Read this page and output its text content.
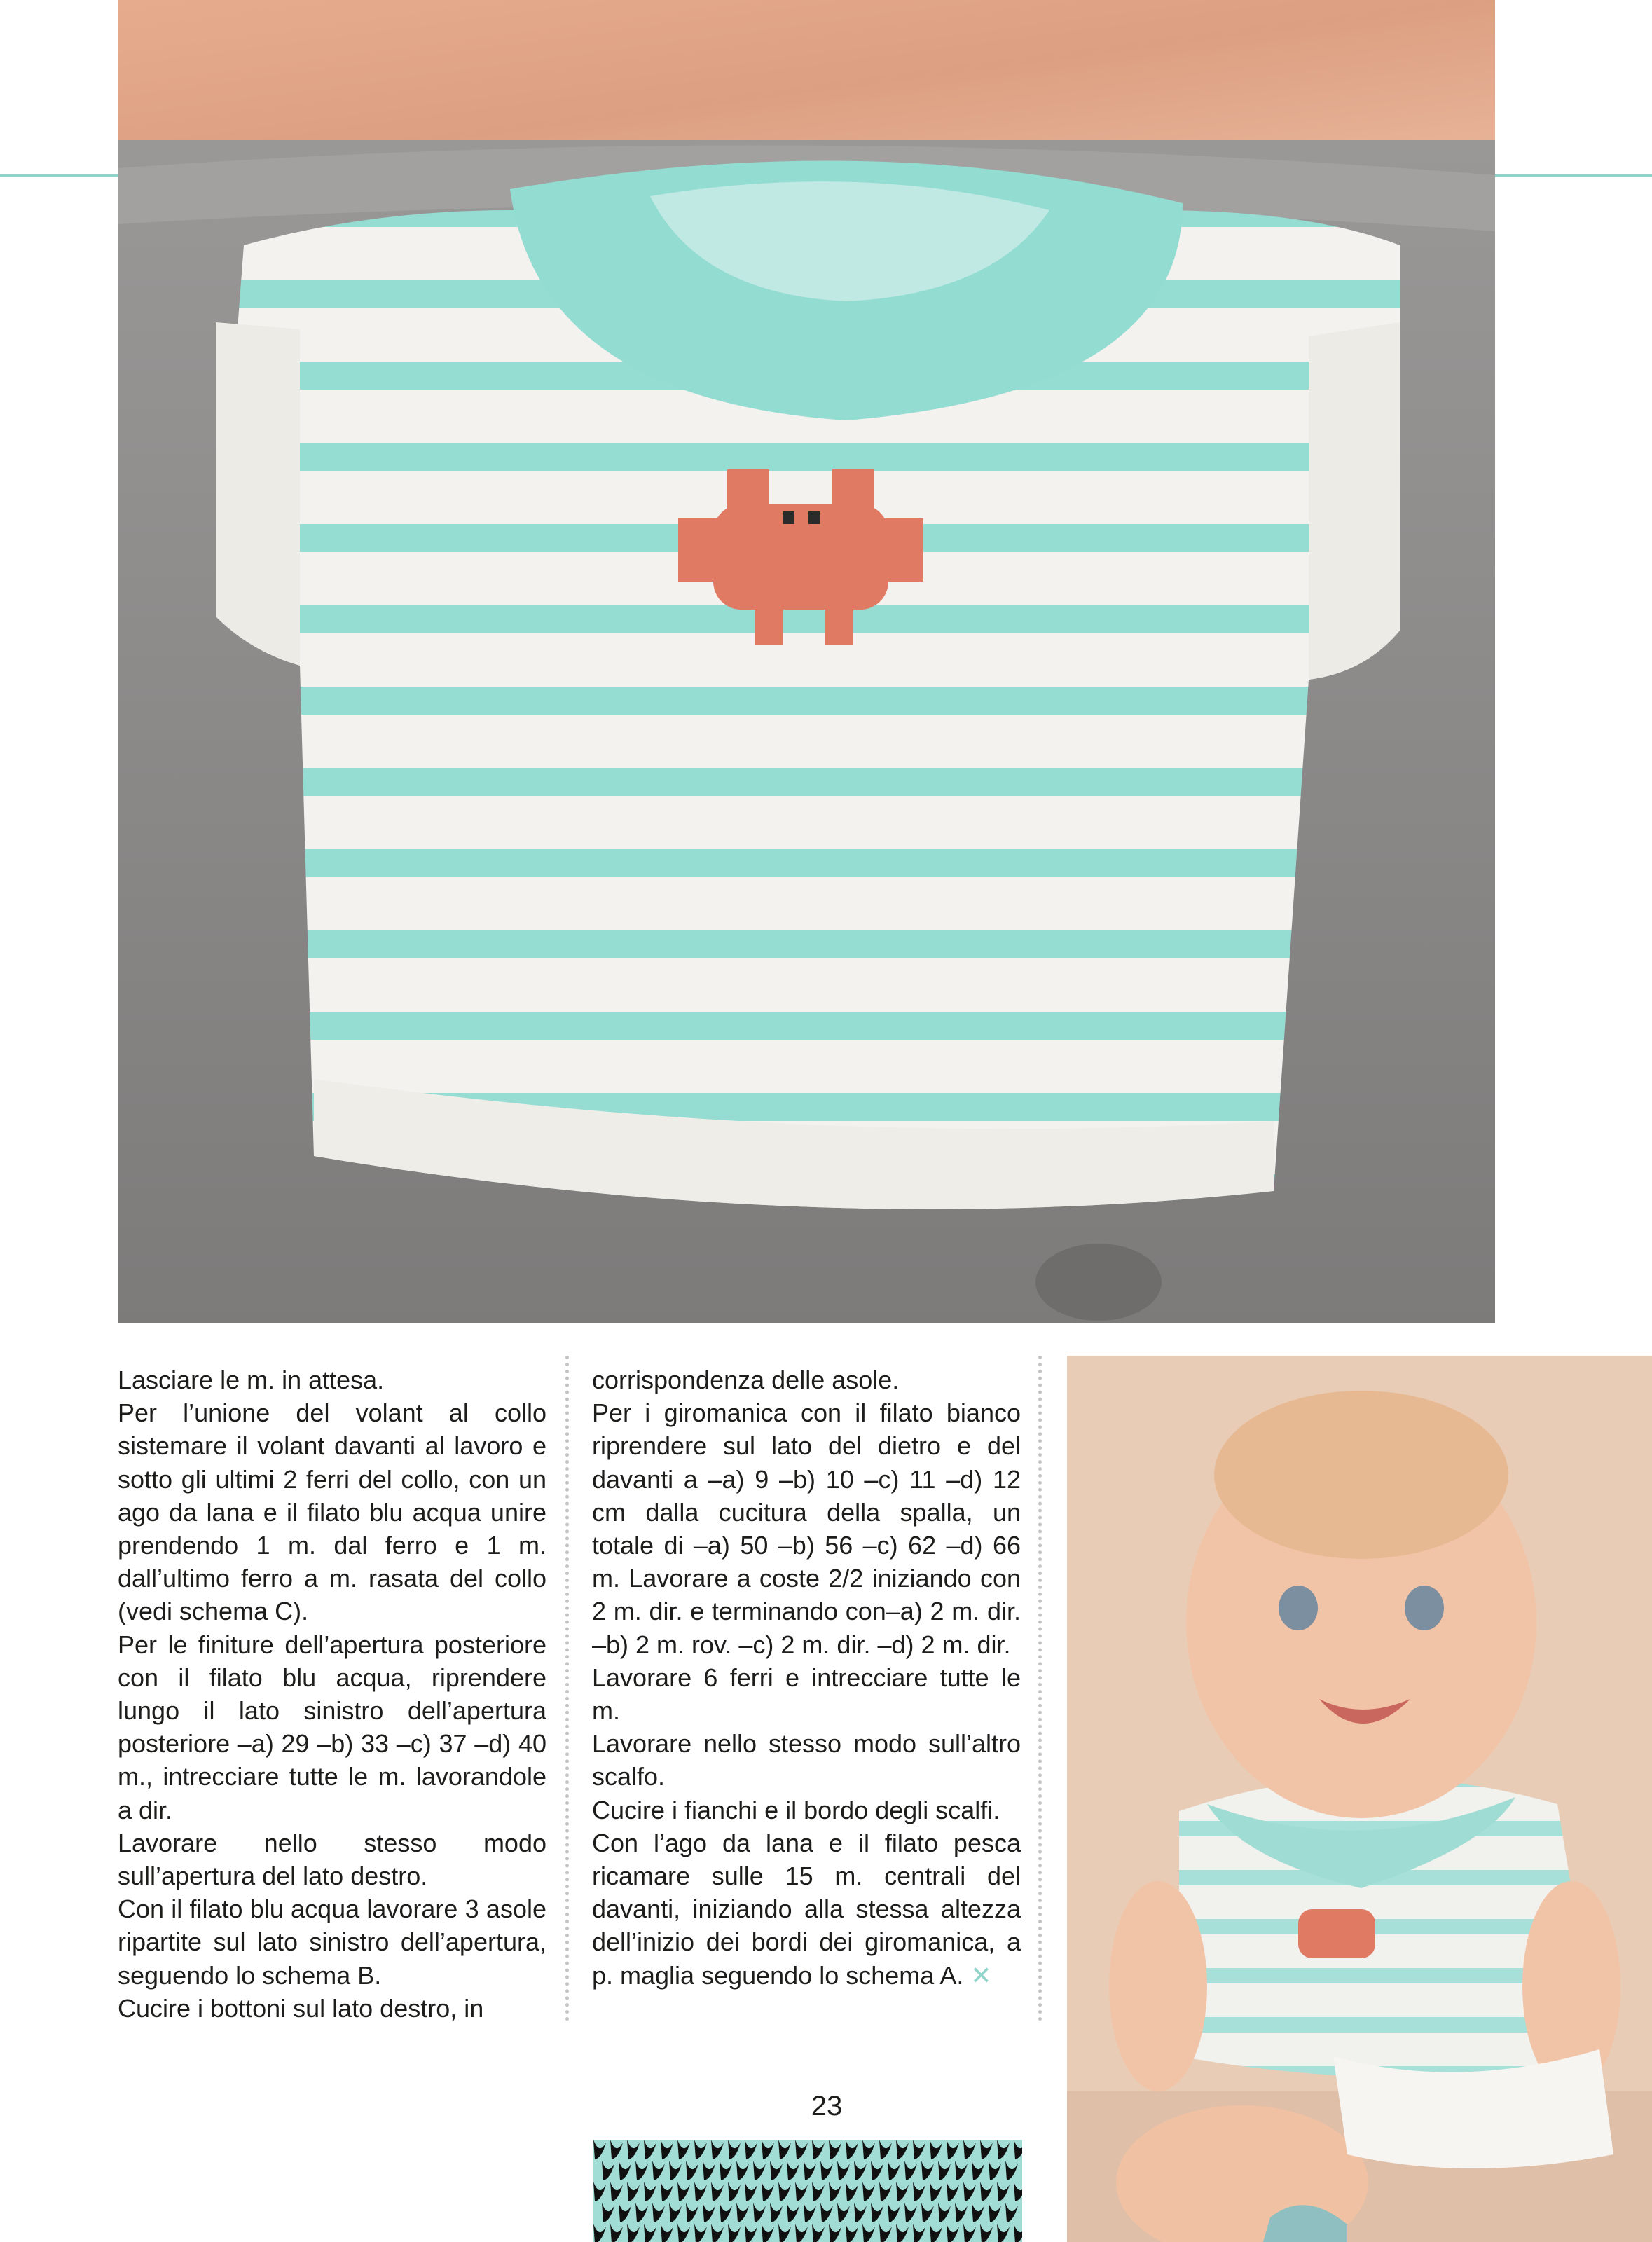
Lasciare le m. in attesa.

Per l’unione del volant al collo sistemare il volant davanti al lavoro e sotto gli ultimi 2 ferri del collo, con un ago da lana e il filato blu acqua unire prendendo 1 m. dal ferro e 1 m. dall’ultimo ferro a m. rasata del collo (vedi schema C).

Per le finiture dell’apertura posteriore con il filato blu acqua, riprendere lungo il lato sinistro dell’apertura posteriore –a) 29 –b) 33 –c) 37 –d) 40 m., intrecciare tutte le m. lavorandole a dir.

Lavorare nello stesso modo sull’apertura del lato destro.

Con il filato blu acqua lavorare 3 asole ripartite sul lato sinistro dell’apertura, seguendo lo schema B.

Cucire i bottoni sul lato destro, in

corrispondenza delle asole.

Per i giromanica con il filato bianco riprendere sul lato del dietro e del davanti a –a) 9 –b) 10 –c) 11 –d) 12 cm dalla cucitura della spalla, un totale di –a) 50 –b) 56 –c) 62 –d) 66 m. Lavorare a coste 2/2 iniziando con 2 m. dir. e terminando con–a) 2 m. dir. –b) 2 m. rov. –c) 2 m. dir. –d) 2 m. dir.

Lavorare 6 ferri e intrecciare tutte le m.

Lavorare nello stesso modo sull’altro scalfo.

Cucire i fianchi e il bordo degli scalfi.

Con l’ago da lana e il filato pesca ricamare sulle 15 m. centrali del davanti, iniziando alla stessa altezza dell’inizio dei bordi dei giromanica, a p. maglia seguendo lo schema A. ✕

23
